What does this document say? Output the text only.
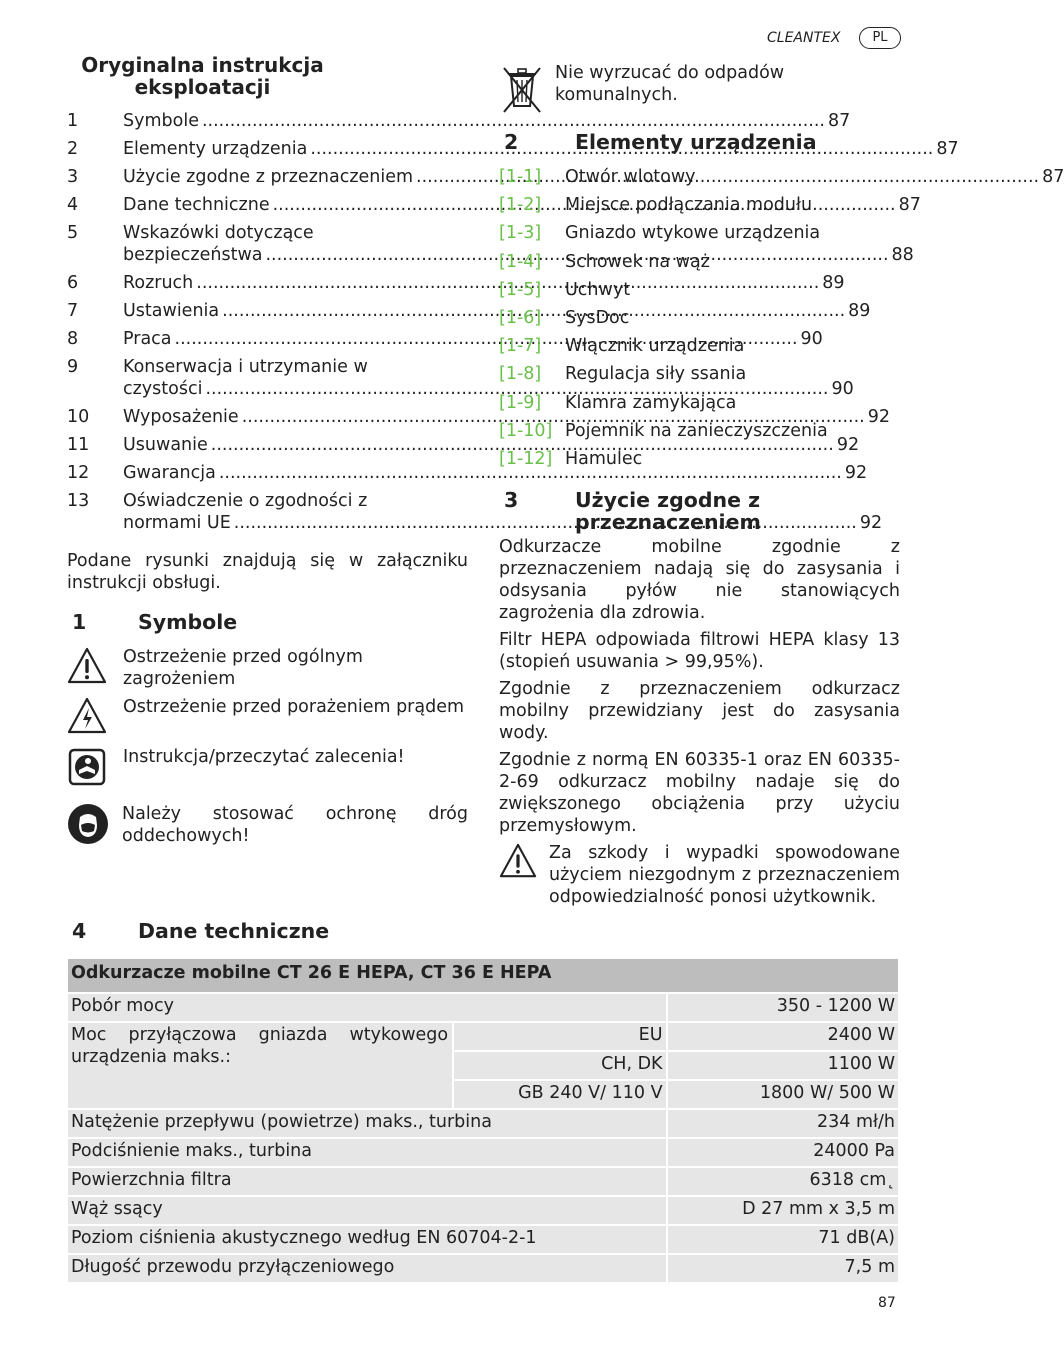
CLEANTEX	PL
Oryginalna instrukcja
eksploatacji
1	Symbole .....	87
2	Elementy urządzenia .....	87
3	Użycie zgodne z przeznaczeniem .....	87
4	Dane techniczne .....	87
5	Wskazówki dotyczące
bezpieczeństwa .....	88
6	Rozruch .....	89
7	Ustawienia .....	89
8	Praca .....	90
9	Konserwacja i utrzymanie w
czystości .....	90
10	Wyposażenie .....	92
11	Usuwanie .....	92
12	Gwarancja .....	92
13	Oświadczenie o zgodności z
normami UE .....	92

Podane rysunki znajdują się w załączniku instrukcji obsługi.

1	Symbole
Ostrzeżenie przed ogólnym zagrożeniem
Ostrzeżenie przed porażeniem prądem
Instrukcja/przeczytać zalecenia!

Należy stosować ochronę dróg oddechowych!

Nie wyrzucać do odpadów komunalnych.
2	Elementy urządzenia
[1-1]	Otwór wlotowy
[1-2]	Miejsce podłączania modułu
[1-3]	Gniazdo wtykowe urządzenia
[1-4]	Schowek na wąż
[1-5]	Uchwyt
[1-6]	SysDoc
[1-7]	Włącznik urządzenia
[1-8]	Regulacja siły ssania
[1-9]	Klamra zamykająca
[1-10] Pojemnik na zanieczyszczenia
[1-12] Hamulec
3	Użycie zgodne z
przeznaczeniem

Odkurzacze mobilne zgodnie z przeznaczeniem nadają się do zasysania i odsysania pyłów nie stanowiących zagrożenia dla zdrowia.

Filtr HEPA odpowiada filtrowi HEPA klasy 13 (stopień usuwania > 99,95%).

Zgodnie z przeznaczeniem odkurzacz mobilny przewidziany jest do zasysania wody.

Zgodnie z normą EN 60335-1 oraz EN 60335-2-69 odkurzacz mobilny nadaje się do zwiększonego obciążenia przy użyciu przemysłowym.

Za szkody i wypadki spowodowane użyciem niezgodnym z przeznaczeniem odpowiedzialność ponosi użytkownik.

4	Dane techniczne
Odkurzacze mobilne CT 26 E HEPA, CT 36 E HEPA		
Pobór mocy		350 - 1200 W
Moc przyłączowa gniazda wtykowego urządzenia maks.:	EU	2400 W
	CH, DK	1100 W
	GB 240 V/ 110 V	1800 W/ 500 W
Natężenie przepływu (powietrze) maks., turbina		234 mł/h
Podciśnienie maks., turbina		24000 Pa
Powierzchnia filtra		6318 cm˛
Wąż ssący		D 27 mm x 3,5 m
Poziom ciśnienia akustycznego według EN 60704-2-1		71 dB(A)
Długość przewodu przyłączeniowego		7,5 m
87
